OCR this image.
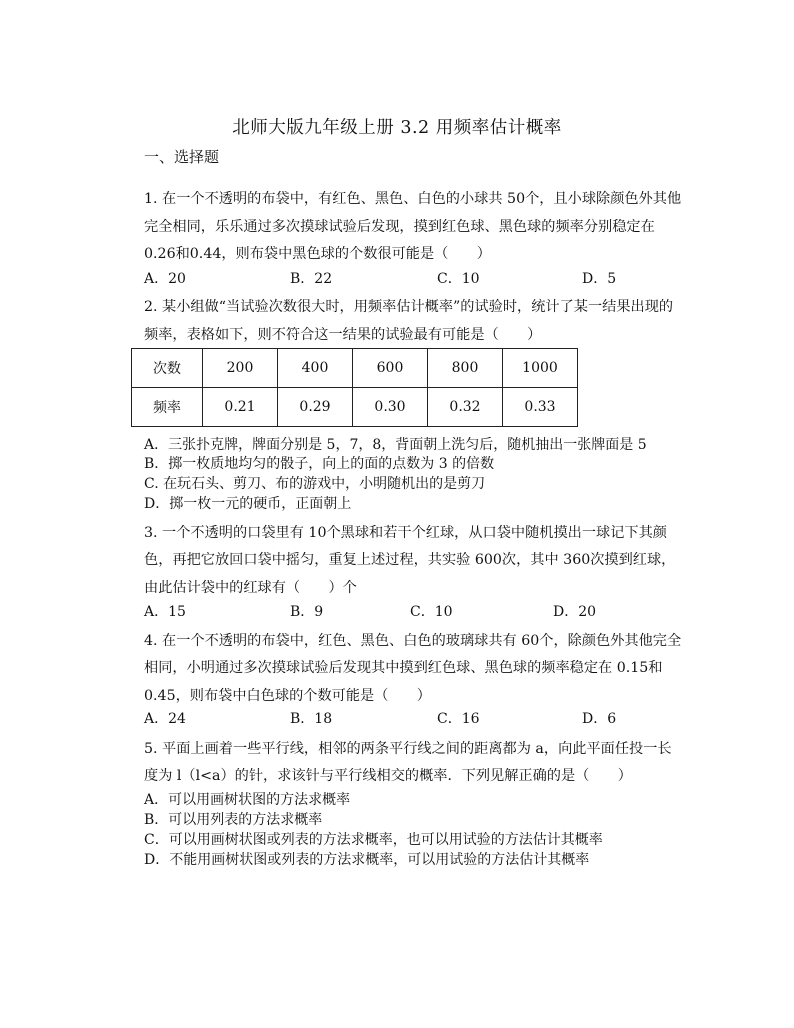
北师大版九年级上册 3.2 用频率估计概率
一、选择题
1. 在一个不透明的布袋中，有红色、黑色、白色的小球共 50个，且小球除颜色外其他
完全相同，乐乐通过多次摸球试验后发现，摸到红色球、黑色球的频率分别稳定在
0.26和0.44，则布袋中黑色球的个数很可能是（　　）
A．20	B．22	C．10	D．5
2. 某小组做“当试验次数很大时，用频率估计概率”的试验时，统计了某一结果出现的
频率，表格如下，则不符合这一结果的试验最有可能是（　　）
次数	200	400	600	800	1000
频率	0.21	0.29	0.30	0.32	0.33
A．三张扑克牌，牌面分别是 5，7，8，背面朝上洗匀后，随机抽出一张牌面是 5
B．掷一枚质地均匀的骰子，向上的面的点数为 3 的倍数
C. 在玩石头、剪刀、布的游戏中，小明随机出的是剪刀
D．掷一枚一元的硬币，正面朝上
3. 一个不透明的口袋里有 10个黑球和若干个红球，从口袋中随机摸出一球记下其颜
色，再把它放回口袋中摇匀，重复上述过程，共实验 600次，其中 360次摸到红球，
由此估计袋中的红球有（　　）个
A．15	B．9	C．10	D．20
4. 在一个不透明的布袋中，红色、黑色、白色的玻璃球共有 60个，除颜色外其他完全
相同，小明通过多次摸球试验后发现其中摸到红色球、黑色球的频率稳定在 0.15和
0.45，则布袋中白色球的个数可能是（　　）
A．24	B．18	C．16	D．6
5. 平面上画着一些平行线，相邻的两条平行线之间的距离都为 a，向此平面任投一长
度为 l（l<a）的针，求该针与平行线相交的概率．下列见解正确的是（　　）
A．可以用画树状图的方法求概率
B．可以用列表的方法求概率
C．可以用画树状图或列表的方法求概率，也可以用试验的方法估计其概率
D．不能用画树状图或列表的方法求概率，可以用试验的方法估计其概率
